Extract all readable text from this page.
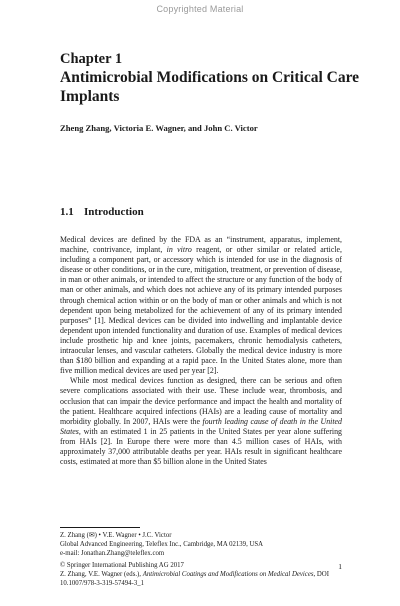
Copyrighted Material
Chapter 1
Antimicrobial Modifications on Critical Care Implants
Zheng Zhang, Victoria E. Wagner, and John C. Victor
1.1 Introduction

Medical devices are defined by the FDA as an “instrument, apparatus, implement, machine, contrivance, implant, in vitro reagent, or other similar or related article, including a component part, or accessory which is intended for use in the diagnosis of disease or other conditions, or in the cure, mitigation, treatment, or prevention of disease, in man or other animals, or intended to affect the structure or any function of the body of man or other animals, and which does not achieve any of its primary intended purposes through chemical action within or on the body of man or other animals and which is not dependent upon being metabolized for the achievement of any of its primary intended purposes” [1]. Medical devices can be divided into indwelling and implantable device dependent upon intended functionality and duration of use. Examples of medical devices include prosthetic hip and knee joints, pacemakers, chronic hemodialysis catheters, intraocular lenses, and vascular catheters. Globally the medical device industry is more than $180 billion and expanding at a rapid pace. In the United States alone, more than five million medical devices are used per year [2].

While most medical devices function as designed, there can be serious and often severe complications associated with their use. These include wear, thrombosis, and occlusion that can impair the device performance and impact the health and mortality of the patient. Healthcare acquired infections (HAIs) are a leading cause of mortality and morbidity globally. In 2007, HAIs were the fourth leading cause of death in the United States, with an estimated 1 in 25 patients in the United States per year alone suffering from HAIs [2]. In Europe there were more than 4.5 million cases of HAIs, with approximately 37,000 attributable deaths per year. HAIs result in significant healthcare costs, estimated at more than $5 billion alone in the United States

Z. Zhang (✉) • V.E. Wagner • J.C. Victor
Global Advanced Engineering, Teleflex Inc., Cambridge, MA 02139, USA
e-mail: Jonathan.Zhang@teleflex.com
© Springer International Publishing AG 2017
Z. Zhang, V.E. Wagner (eds.), Antimicrobial Coatings and Modifications on Medical Devices, DOI 10.1007/978-3-319-57494-3_1
1
